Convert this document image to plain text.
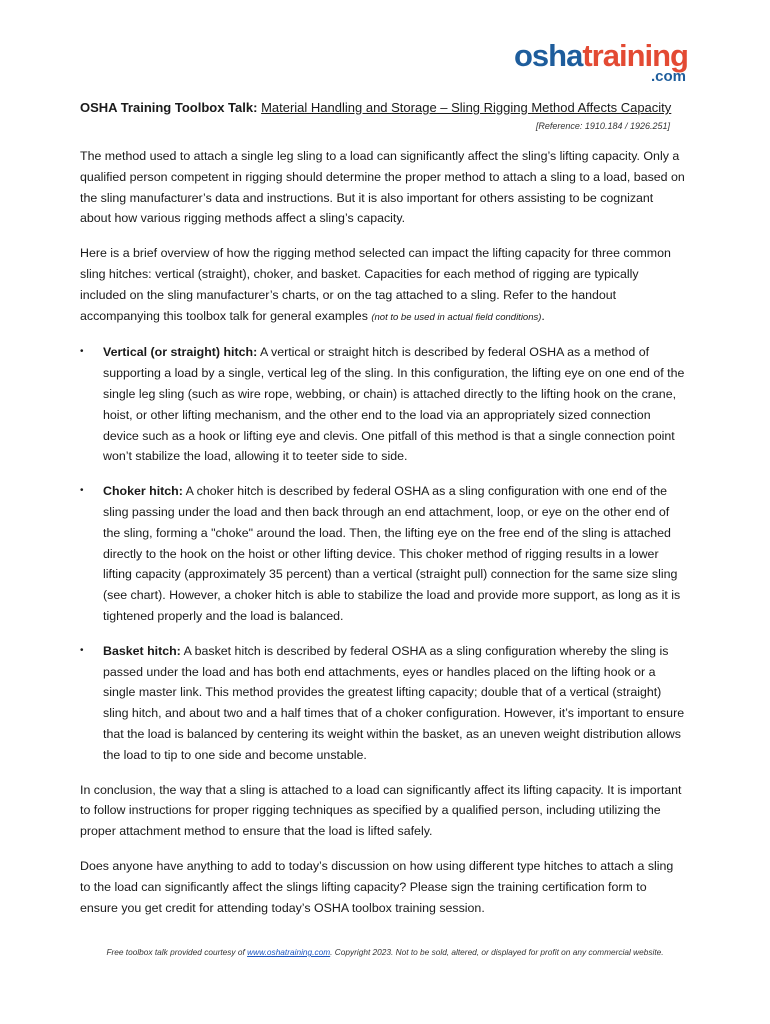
oshatraining
.com
OSHA Training Toolbox Talk: Material Handling and Storage – Sling Rigging Method Affects Capacity
[Reference: 1910.184 / 1926.251]

The method used to attach a single leg sling to a load can significantly affect the sling’s lifting capacity. Only a qualified person competent in rigging should determine the proper method to attach a sling to a load, based on the sling manufacturer’s data and instructions. But it is also important for others assisting to be cognizant about how various rigging methods affect a sling’s capacity.

Here is a brief overview of how the rigging method selected can impact the lifting capacity for three common sling hitches: vertical (straight), choker, and basket. Capacities for each method of rigging are typically included on the sling manufacturer’s charts, or on the tag attached to a sling. Refer to the handout accompanying this toolbox talk for general examples (not to be used in actual field conditions).

• Vertical (or straight) hitch: A vertical or straight hitch is described by federal OSHA as a method of supporting a load by a single, vertical leg of the sling. In this configuration, the lifting eye on one end of the single leg sling (such as wire rope, webbing, or chain) is attached directly to the lifting hook on the crane, hoist, or other lifting mechanism, and the other end to the load via an appropriately sized connection device such as a hook or lifting eye and clevis. One pitfall of this method is that a single connection point won’t stabilize the load, allowing it to teeter side to side.
• Choker hitch: A choker hitch is described by federal OSHA as a sling configuration with one end of the sling passing under the load and then back through an end attachment, loop, or eye on the other end of the sling, forming a "choke" around the load. Then, the lifting eye on the free end of the sling is attached directly to the hook on the hoist or other lifting device. This choker method of rigging results in a lower lifting capacity (approximately 35 percent) than a vertical (straight pull) connection for the same size sling (see chart). However, a choker hitch is able to stabilize the load and provide more support, as long as it is tightened properly and the load is balanced.
• Basket hitch: A basket hitch is described by federal OSHA as a sling configuration whereby the sling is passed under the load and has both end attachments, eyes or handles placed on the lifting hook or a single master link. This method provides the greatest lifting capacity; double that of a vertical (straight) sling hitch, and about two and a half times that of a choker configuration. However, it’s important to ensure that the load is balanced by centering its weight within the basket, as an uneven weight distribution allows the load to tip to one side and become unstable.

In conclusion, the way that a sling is attached to a load can significantly affect its lifting capacity. It is important to follow instructions for proper rigging techniques as specified by a qualified person, including utilizing the proper attachment method to ensure that the load is lifted safely.

Does anyone have anything to add to today’s discussion on how using different type hitches to attach a sling to the load can significantly affect the slings lifting capacity? Please sign the training certification form to ensure you get credit for attending today’s OSHA toolbox training session.

Free toolbox talk provided courtesy of www.oshatraining.com. Copyright 2023. Not to be sold, altered, or displayed for profit on any commercial website.
